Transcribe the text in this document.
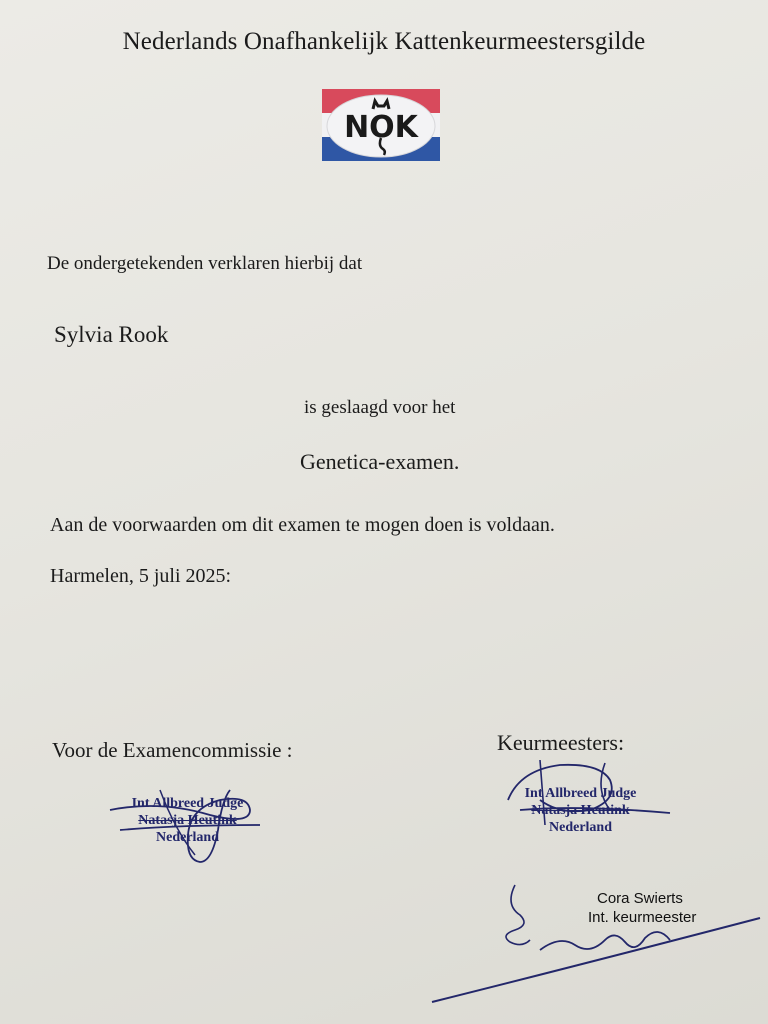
Nederlands Onafhankelijk Kattenkeurmeestersgilde
NOK
De ondergetekenden verklaren hierbij dat
Sylvia Rook
is geslaagd voor het
Genetica-examen.
Aan de voorwaarden om dit examen te mogen doen is voldaan.
Harmelen, 5 juli 2025:
Voor de Examencommissie :	Keurmeesters:
Int Allbreed Judge
Natasja Heutink
Nederland
Int Allbreed Judge
Natasja Heutink
Nederland
Cora Swierts
Int. keurmeester
